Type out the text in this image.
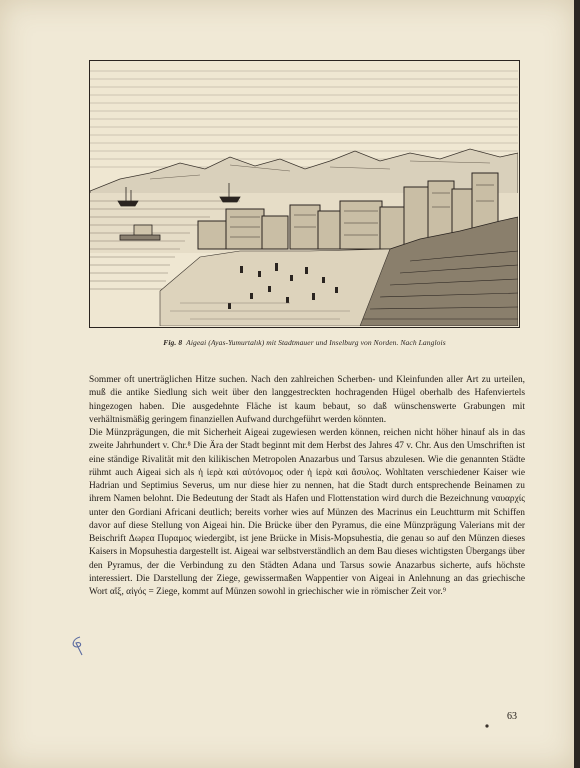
Fig. 8 Aigeai (Ayas-Yumurtalık) mit Stadtmauer und Inselburg von Norden. Nach Langlois

Sommer oft unerträglichen Hitze suchen. Nach den zahlreichen Scherben- und Kleinfunden aller Art zu urteilen, muß die antike Siedlung sich weit über den langgestreckten hochragenden Hügel oberhalb des Hafenviertels hingezogen haben. Die ausgedehnte Fläche ist kaum bebaut, so daß wünschenswerte Grabungen mit verhältnismäßig geringem finanziellen Aufwand durchgeführt werden könnten.

Die Münzprägungen, die mit Sicherheit Aigeai zugewiesen werden können, reichen nicht höher hinauf als in das zweite Jahrhundert v. Chr.⁸ Die Ära der Stadt beginnt mit dem Herbst des Jahres 47 v. Chr. Aus den Umschriften ist eine ständige Rivalität mit den kilikischen Metropolen Anazarbus und Tarsus abzulesen. Wie die genannten Städte rühmt auch Aigeai sich als ἡ ἱερὰ καὶ αὐτόνομος oder ἡ ἱερὰ καὶ ἄσυλος. Wohltaten verschiedener Kaiser wie Hadrian und Septimius Severus, um nur diese hier zu nennen, hat die Stadt durch entsprechende Beinamen zu ihrem Namen belohnt. Die Bedeutung der Stadt als Hafen und Flottenstation wird durch die Bezeichnung ναυαρχίς unter den Gordiani Africani deutlich; bereits vorher wies auf Münzen des Macrinus ein Leuchtturm mit Schiffen davor auf diese Stellung von Aigeai hin. Die Brücke über den Pyramus, die eine Münzprägung Valerians mit der Beischrift Δωρεα Πυραμος wiedergibt, ist jene Brücke in Misis-Mopsuhestia, die genau so auf den Münzen dieses Kaisers in Mopsuhestia dargestellt ist. Aigeai war selbstverständlich an dem Bau dieses wichtigsten Übergangs über den Pyramus, der die Verbindung zu den Städten Adana und Tarsus sowie Anazarbus sicherte, aufs höchste interessiert. Die Darstellung der Ziege, gewissermaßen Wappentier von Aigeai in Anlehnung an das griechische Wort αἴξ, αἰγός = Ziege, kommt auf Münzen sowohl in griechischer wie in römischer Zeit vor.⁹

63
